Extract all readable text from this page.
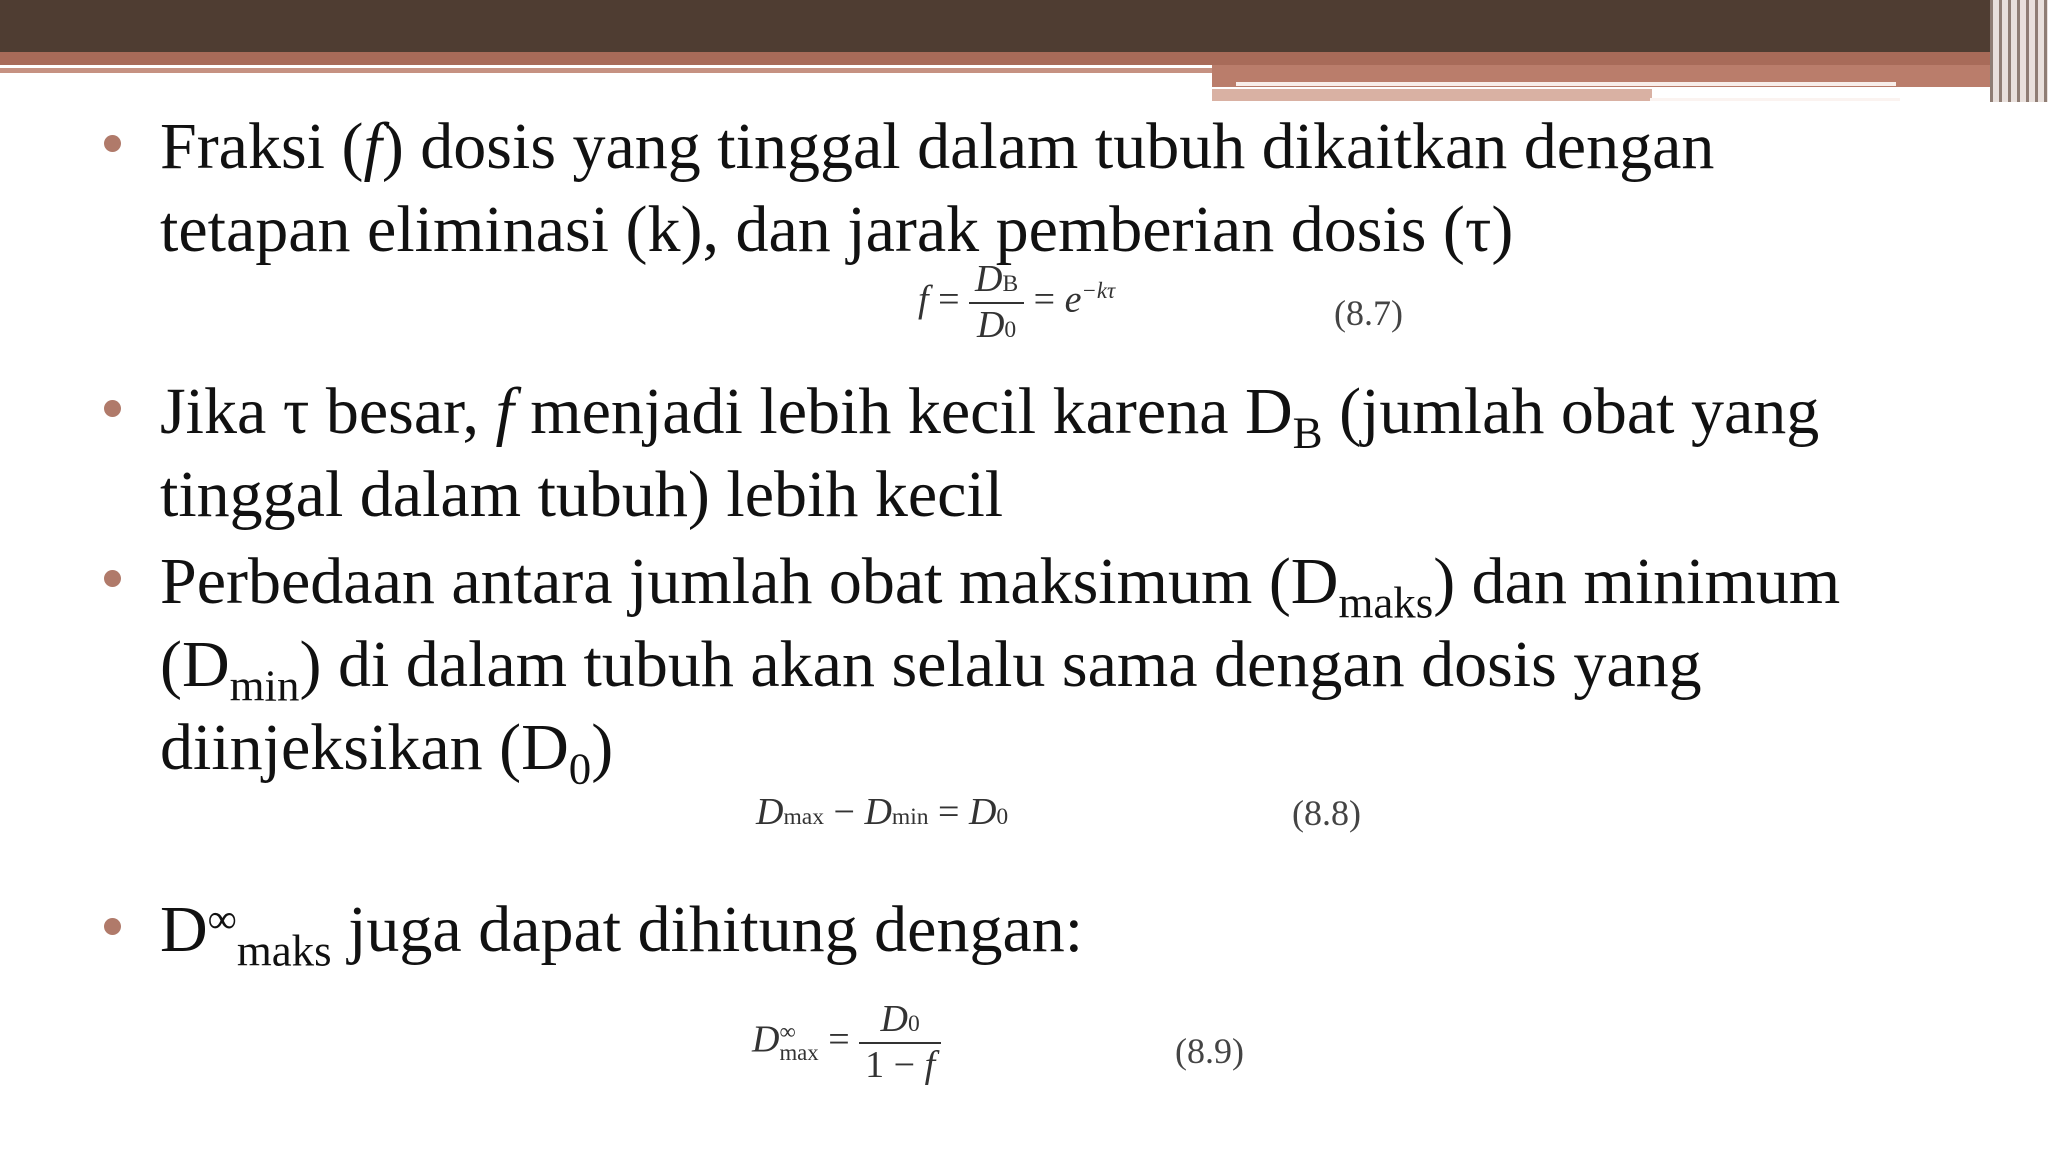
Fraksi (f) dosis yang tinggal dalam tubuh dikaitkan dengan
tetapan eliminasi (k), dan jarak pemberian dosis (τ)
$f = \frac{DB}{D0} = e^{-k\tau}$
(8.7)
Jika τ besar, f menjadi lebih kecil karena $D_B$ (jumlah obat yang
tinggal dalam tubuh) lebih kecil
Perbedaan antara jumlah obat maksimum $(D_{maks})$ dan minimum
$(D_{min})$ di dalam tubuh akan selalu sama dengan dosis yang
diinjeksikan $(D_0)$
Dmax − Dmin = D0	(8.8)
$D^\infty_{maks}$ juga dapat dihitung dengan:
D ∞
$\max = \frac{D0}{1 - f}$	(8.9)
